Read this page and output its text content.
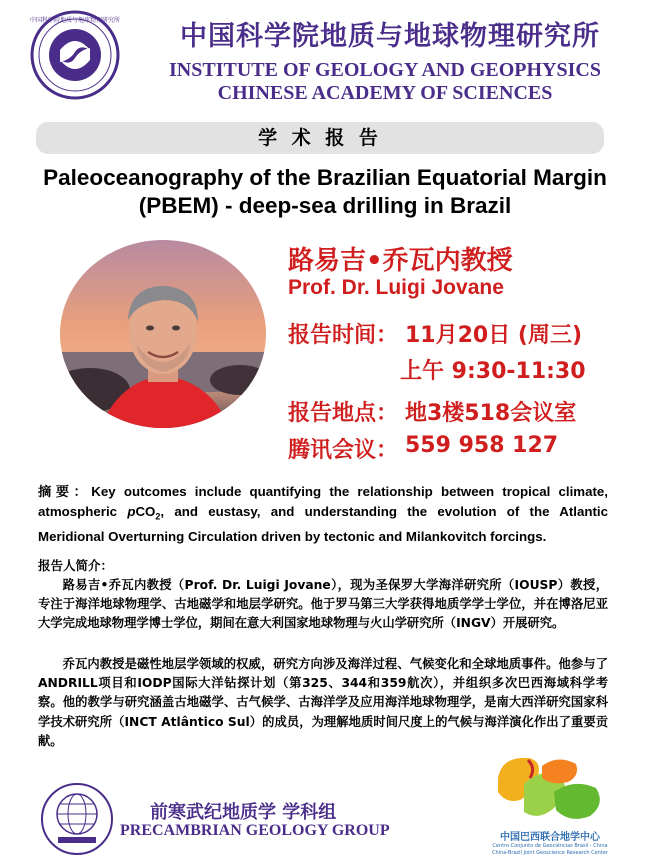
中国科学院地质与地球物理研究所
中国科学院地质与地球物理研究所
INSTITUTE OF GEOLOGY AND GEOPHYSICS
CHINESE ACADEMY OF SCIENCES
学 术 报 告
Paleoceanography of the Brazilian Equatorial Margin
(PBEM) - deep-sea drilling in Brazil
路易吉•乔瓦内教授
Prof. Dr. Luigi Jovane
报告时间： 11月20日 (周三)
上午 9:30-11:30
报告地点： 地3楼518会议室
腾讯会议： 559 958 127
摘要：Key outcomes include quantifying the relationship between tropical climate, atmospheric pCO$_2$, and eustasy, and understanding the evolution of the Atlantic Meridional Overturning Circulation driven by tectonic and Milankovitch forcings.
报告人简介：
路易吉•乔瓦内教授（Prof. Dr. Luigi Jovane），现为圣保罗大学海洋研究所（IOUSP）教授，专注于海洋地球物理学、古地磁学和地层学研究。他于罗马第三大学获得地质学学士学位，并在博洛尼亚大学完成地球物理学博士学位，期间在意大利国家地球物理与火山学研究所（INGV）开展研究。
乔瓦内教授是磁性地层学领域的权威，研究方向涉及海洋过程、气候变化和全球地质事件。他参与了ANDRILL项目和IODP国际大洋钻探计划（第325、344和359航次），并组织多次巴西海域科学考察。他的教学与研究涵盖古地磁学、古气候学、古海洋学及应用海洋地球物理学，是南大西洋研究国家科学技术研究所（INCT Atlântico Sul）的成员，为理解地质时间尺度上的气候与海洋演化作出了重要贡献。
前寒武纪地质学 学科组
PRECAMBRIAN GEOLOGY GROUP	中国巴西联合地学中心
Centro Conjunto de Geociências Brasil - China
China-Brazil Joint Geoscience Research Center
